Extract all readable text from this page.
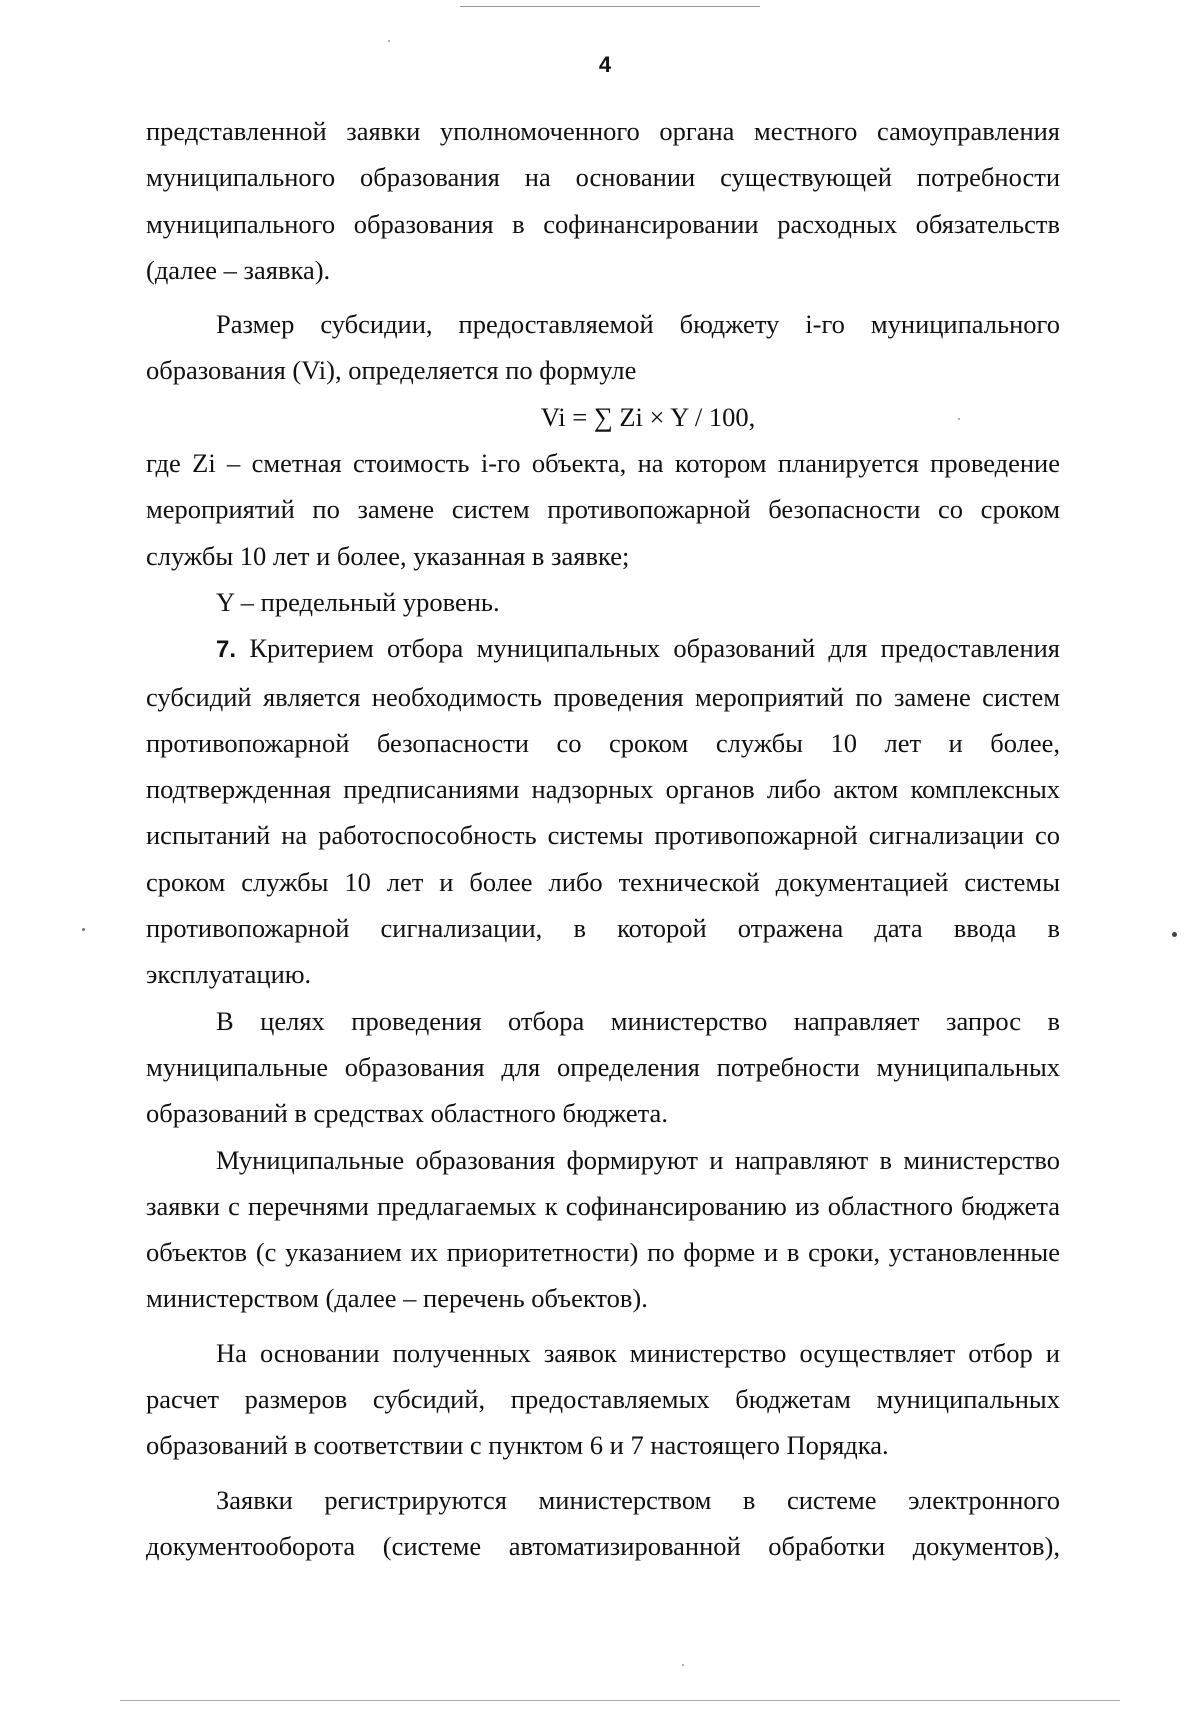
4

представленной заявки уполномоченного органа местного самоуправления муниципального образования на основании существующей потребности муниципального образования в софинансировании расходных обязательств (далее – заявка).

Размер субсидии, предоставляемой бюджету i-го муниципального образования (Vi), определяется по формуле

Vi = ∑ Zi × Y / 100,

где Zi – сметная стоимость i-го объекта, на котором планируется проведение мероприятий по замене систем противопожарной безопасности со сроком службы 10 лет и более, указанная в заявке;

Y – предельный уровень.

7. Критерием отбора муниципальных образований для предоставления субсидий является необходимость проведения мероприятий по замене систем противопожарной безопасности со сроком службы 10 лет и более, подтвержденная предписаниями надзорных органов либо актом комплексных испытаний на работоспособность системы противопожарной сигнализации со сроком службы 10 лет и более либо технической документацией системы противопожарной сигнализации, в которой отражена дата ввода в эксплуатацию.

В целях проведения отбора министерство направляет запрос в муниципальные образования для определения потребности муниципальных образований в средствах областного бюджета.

Муниципальные образования формируют и направляют в министерство заявки с перечнями предлагаемых к софинансированию из областного бюджета объектов (с указанием их приоритетности) по форме и в сроки, установленные министерством (далее – перечень объектов).

На основании полученных заявок министерство осуществляет отбор и расчет размеров субсидий, предоставляемых бюджетам муниципальных образований в соответствии с пунктом 6 и 7 настоящего Порядка.

Заявки регистрируются министерством в системе электронного документооборота (системе автоматизированной обработки документов),
